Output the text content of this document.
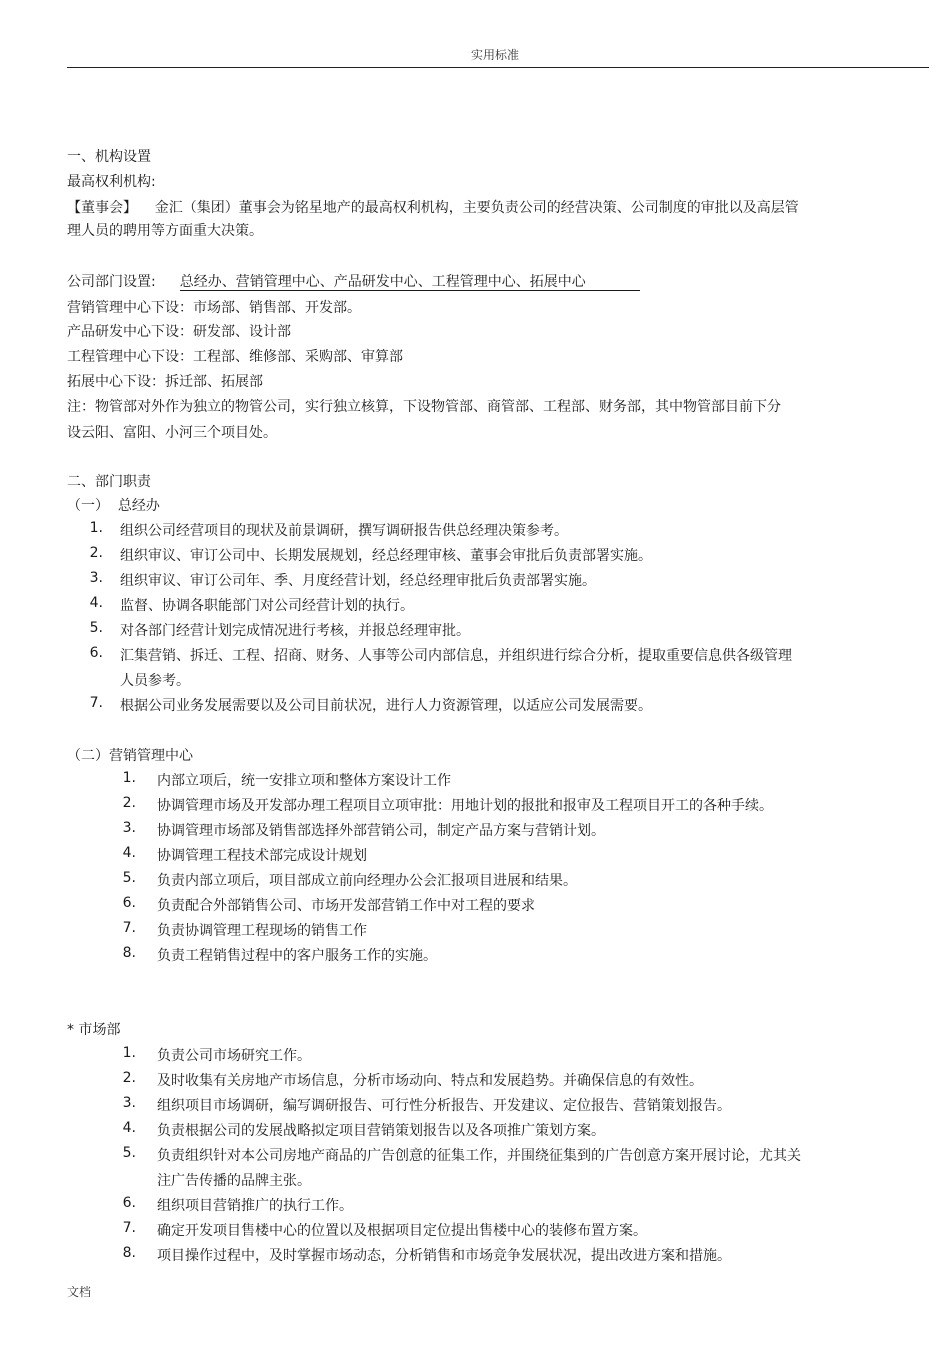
实用标准
一、机构设置
最高权利机构:
【董事会】    金汇（集团）董事会为铭星地产的最高权利机构，主要负责公司的经营决策、公司制度的审批以及高层管
理人员的聘用等方面重大决策。
公司部门设置: 总经办、营销管理中心、产品研发中心、工程管理中心、拓展中心
营销管理中心下设：市场部、销售部、开发部。
产品研发中心下设：研发部、设计部
工程管理中心下设：工程部、维修部、采购部、审算部
拓展中心下设：拆迁部、拓展部
注：物管部对外作为独立的物管公司，实行独立核算，下设物管部、商管部、工程部、财务部，其中物管部目前下分
设云阳、富阳、小河三个项目处。
二、部门职责
（一）  总经办
1. 组织公司经营项目的现状及前景调研，撰写调研报告供总经理决策参考。
2. 组织审议、审订公司中、长期发展规划，经总经理审核、董事会审批后负责部署实施。
3. 组织审议、审订公司年、季、月度经营计划，经总经理审批后负责部署实施。
4. 监督、协调各职能部门对公司经营计划的执行。
5. 对各部门经营计划完成情况进行考核，并报总经理审批。
6. 汇集营销、拆迁、工程、招商、财务、人事等公司内部信息，并组织进行综合分析，提取重要信息供各级管理
人员参考。
7. 根据公司业务发展需要以及公司目前状况，进行人力资源管理，以适应公司发展需要。
（二）营销管理中心
1. 内部立项后，统一安排立项和整体方案设计工作
2. 协调管理市场及开发部办理工程项目立项审批：用地计划的报批和报审及工程项目开工的各种手续。
3. 协调管理市场部及销售部选择外部营销公司，制定产品方案与营销计划。
4. 协调管理工程技术部完成设计规划
5. 负责内部立项后，项目部成立前向经理办公会汇报项目进展和结果。
6. 负责配合外部销售公司、市场开发部营销工作中对工程的要求
7. 负责协调管理工程现场的销售工作
8. 负责工程销售过程中的客户服务工作的实施。
* 市场部
1. 负责公司市场研究工作。
2. 及时收集有关房地产市场信息，分析市场动向、特点和发展趋势。并确保信息的有效性。
3. 组织项目市场调研，编写调研报告、可行性分析报告、开发建议、定位报告、营销策划报告。
4. 负责根据公司的发展战略拟定项目营销策划报告以及各项推广策划方案。
5. 负责组织针对本公司房地产商品的广告创意的征集工作，并围绕征集到的广告创意方案开展讨论，尤其关
注广告传播的品牌主张。
6. 组织项目营销推广的执行工作。
7. 确定开发项目售楼中心的位置以及根据项目定位提出售楼中心的装修布置方案。
8. 项目操作过程中，及时掌握市场动态，分析销售和市场竞争发展状况，提出改进方案和措施。
文档
